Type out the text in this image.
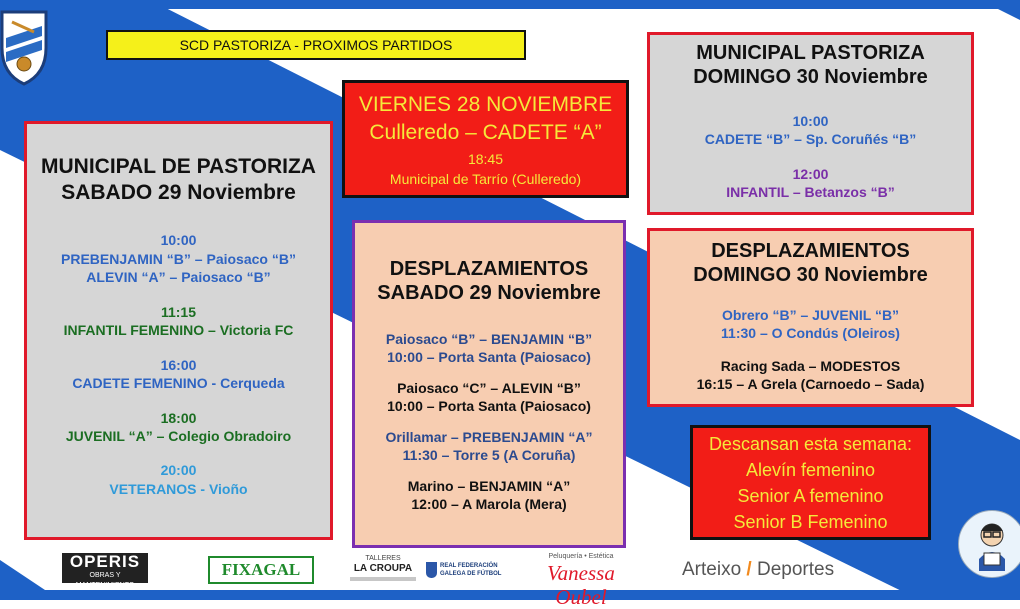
SCD PASTORIZA - PROXIMOS PARTIDOS
MUNICIPAL DE PASTORIZA
SABADO 29 Noviembre
10:00
PREBENJAMIN “B” – Paiosaco “B”
ALEVIN “A” – Paiosaco “B”
11:15
INFANTIL FEMENINO – Victoria FC
16:00
CADETE FEMENINO - Cerqueda
18:00
JUVENIL “A” – Colegio Obradoiro
20:00
VETERANOS - Vioño
VIERNES 28 NOVIEMBRE
Culleredo – CADETE “A”
18:45
Municipal de Tarrío (Culleredo)
DESPLAZAMIENTOS
SABADO 29 Noviembre
Paiosaco “B” – BENJAMIN “B”
10:00 – Porta Santa (Paiosaco)
Paiosaco “C” – ALEVIN “B”
10:00 – Porta Santa (Paiosaco)
Orillamar – PREBENJAMIN “A”
11:30 – Torre 5 (A Coruña)
Marino – BENJAMIN “A”
12:00 – A Marola (Mera)
MUNICIPAL PASTORIZA
DOMINGO 30 Noviembre
10:00
CADETE “B” – Sp. Coruñés “B”
12:00
INFANTIL – Betanzos “B”
DESPLAZAMIENTOS
DOMINGO 30 Noviembre
Obrero “B” – JUVENIL “B”
11:30 – O Condús (Oleiros)
Racing Sada – MODESTOS
16:15 – A Grela (Carnoedo – Sada)
Descansan esta semana:
Alevín femenino
Senior A femenino
Senior B Femenino
OPERIS
OBRAS Y MANTENIMIENTO
FIXAGAL
TALLERES
LA CROUPA	REAL FEDERACIÓN
GALEGA DE FÚTBOL
Peluquería • Estética
Vanessa Oubel
Arteixo / Deportes
